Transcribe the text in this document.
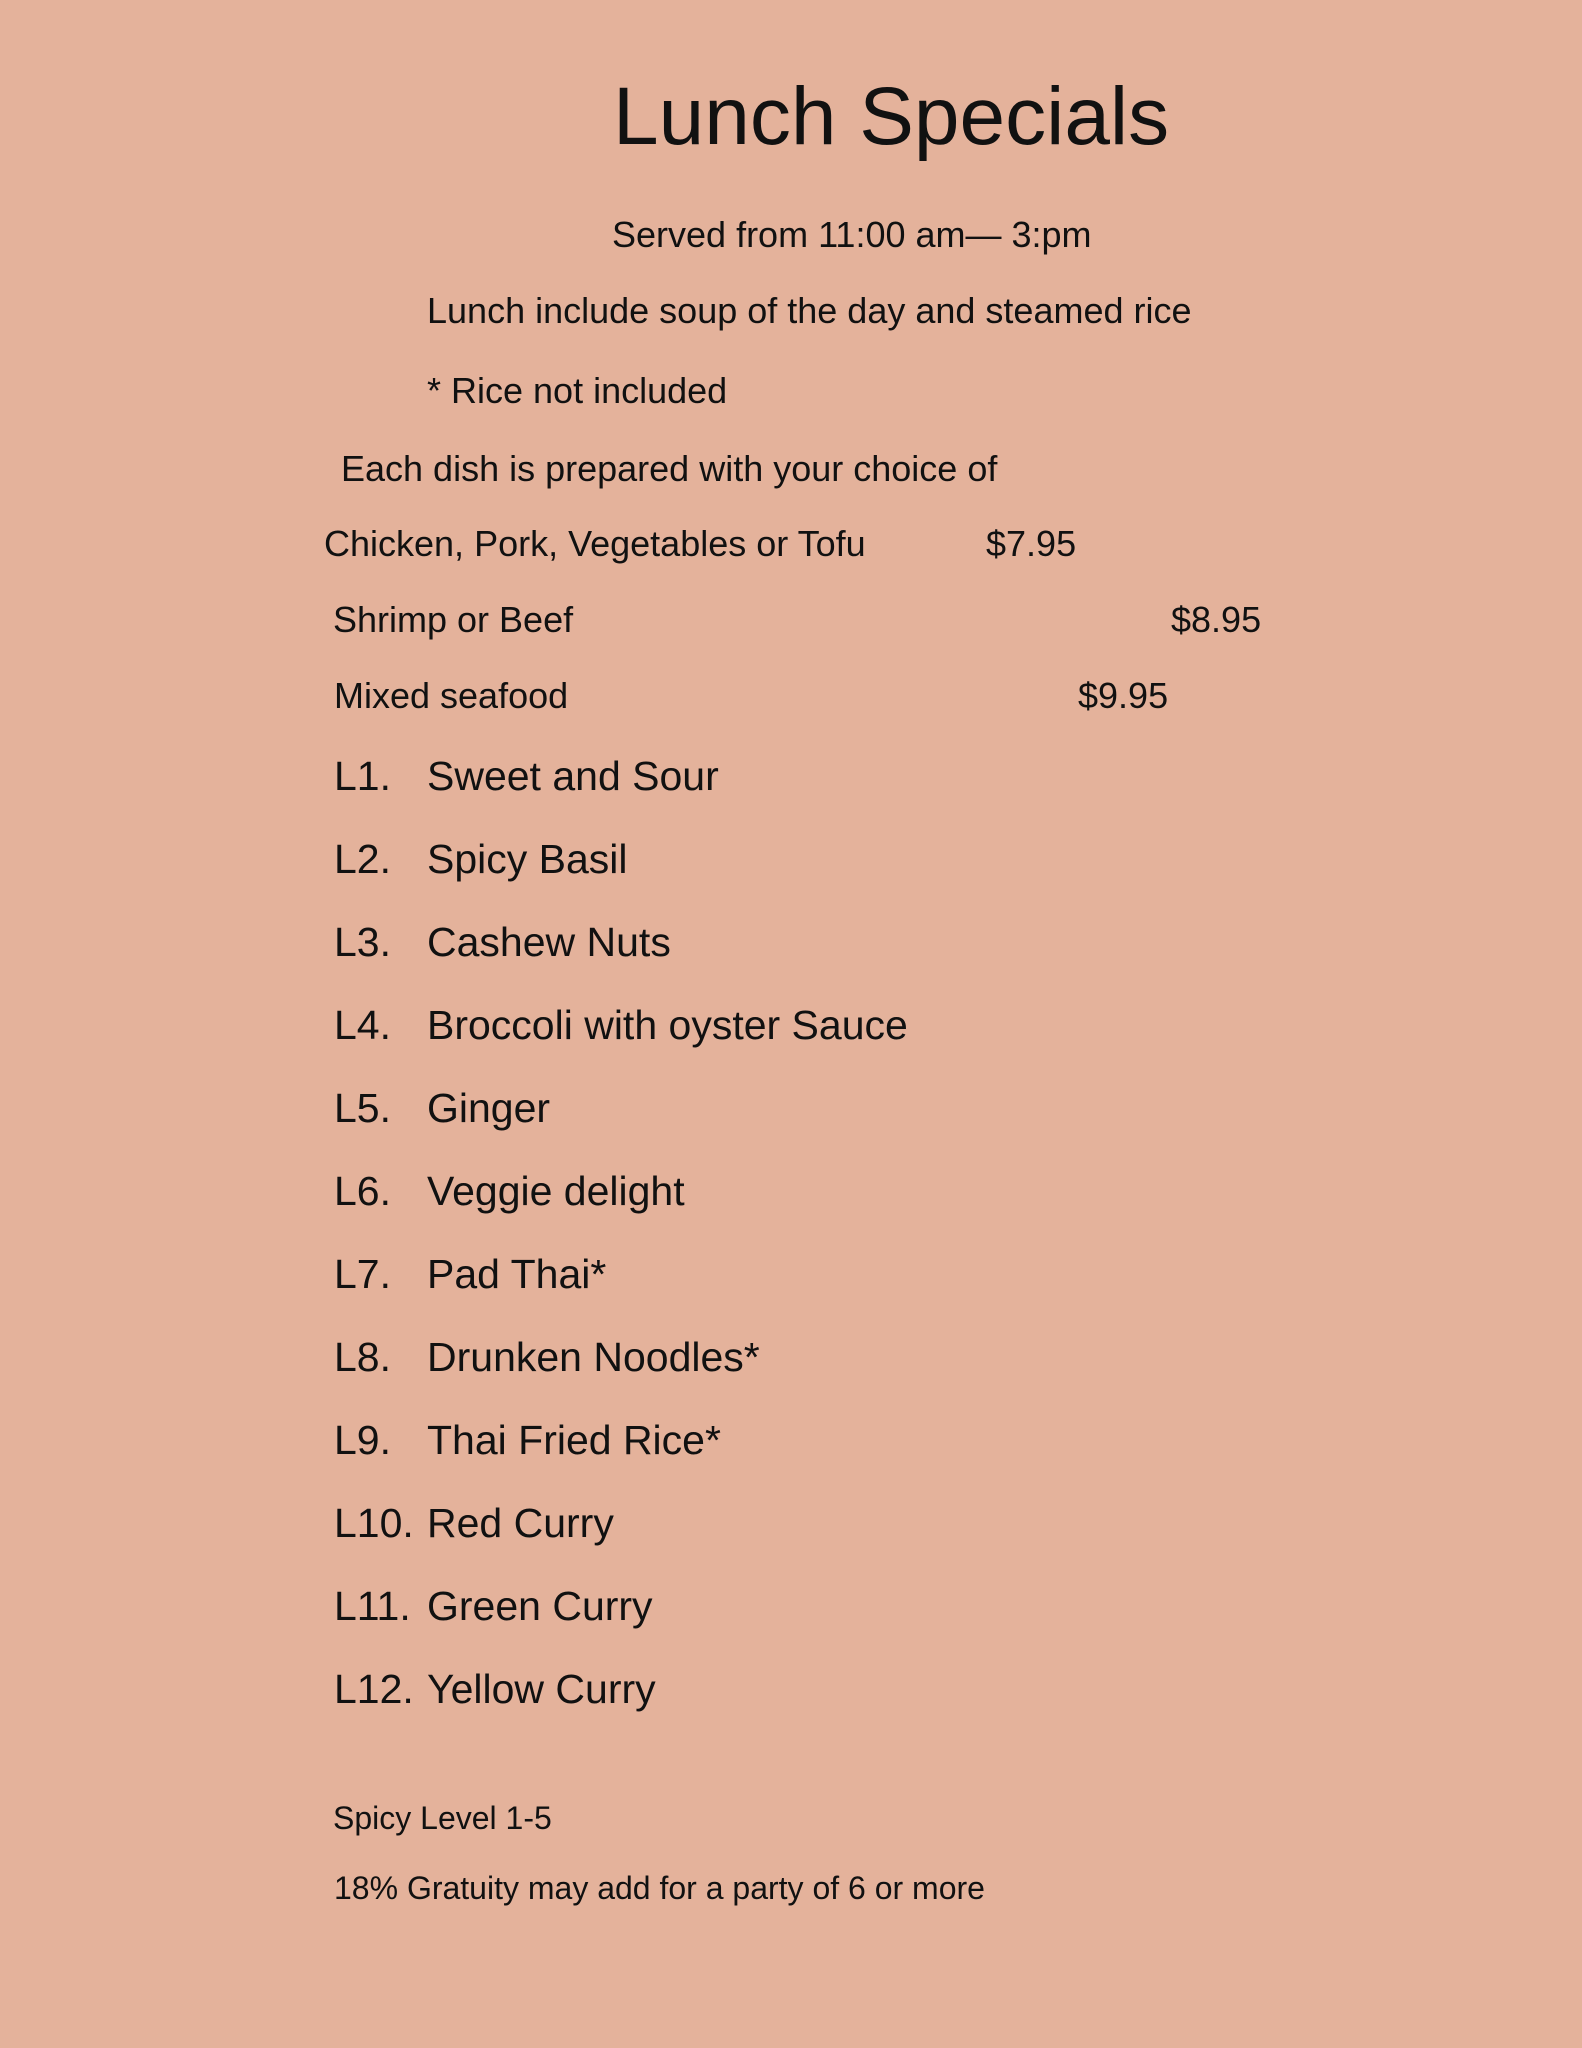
Lunch Specials
Served from 11:00 am— 3:pm
Lunch include soup of the day and steamed rice
* Rice not included
Each dish is prepared with your choice of
Chicken, Pork, Vegetables or Tofu	$7.95
Shrimp or Beef	$8.95
Mixed seafood	$9.95
L1. Sweet and Sour
L2. Spicy Basil
L3. Cashew Nuts
L4. Broccoli with oyster Sauce
L5. Ginger
L6. Veggie delight
L7. Pad Thai*
L8. Drunken Noodles*
L9. Thai Fried Rice*
L10. Red Curry
L11. Green Curry
L12. Yellow Curry
Spicy Level 1-5
18% Gratuity may add for a party of 6 or more
